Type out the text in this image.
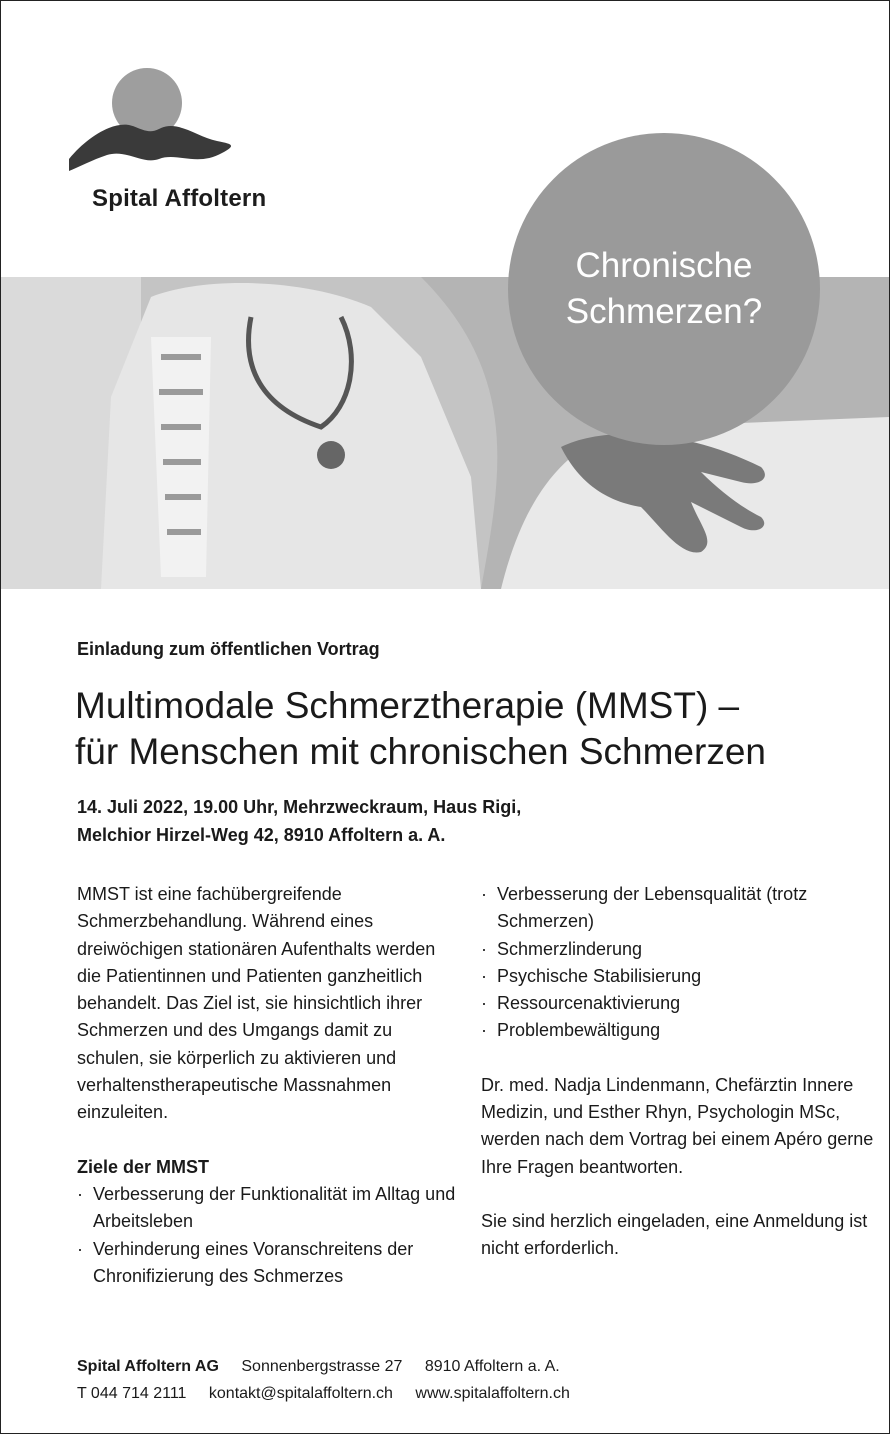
Spital Affoltern
Chronische
Schmerzen?
Einladung zum öffentlichen Vortrag
Multimodale Schmerztherapie (MMST) –
für Menschen mit chronischen Schmerzen
14. Juli 2022, 19.00 Uhr, Mehrzweckraum, Haus Rigi,
Melchior Hirzel-Weg 42, 8910 Affoltern a. A.

MMST ist eine fachübergreifende Schmerzbehandlung. Während eines dreiwöchigen stationären Aufenthalts werden die Patientinnen und Patienten ganzheitlich behandelt. Das Ziel ist, sie hinsichtlich ihrer Schmerzen und des Umgangs damit zu schulen, sie körperlich zu aktivieren und verhaltenstherapeutische Massnahmen einzuleiten.

Ziele der MMST

· Verbesserung der Funktionalität im Alltag und Arbeitsleben
· Verhinderung eines Voranschreitens der Chronifizierung des Schmerzes
· Verbesserung der Lebensqualität (trotz Schmerzen)
· Schmerzlinderung
· Psychische Stabilisierung
· Ressourcenaktivierung
· Problembewältigung

Dr. med. Nadja Lindenmann, Chefärztin Innere Medizin, und Esther Rhyn, Psychologin MSc, werden nach dem Vortrag bei einem Apéro gerne Ihre Fragen beantworten.

Sie sind herzlich eingeladen, eine Anmeldung ist nicht erforderlich.

Spital Affoltern AG Sonnenbergstrasse 27 8910 Affoltern a. A.
T 044 714 2111 kontakt@spitalaffoltern.ch www.spitalaffoltern.ch
